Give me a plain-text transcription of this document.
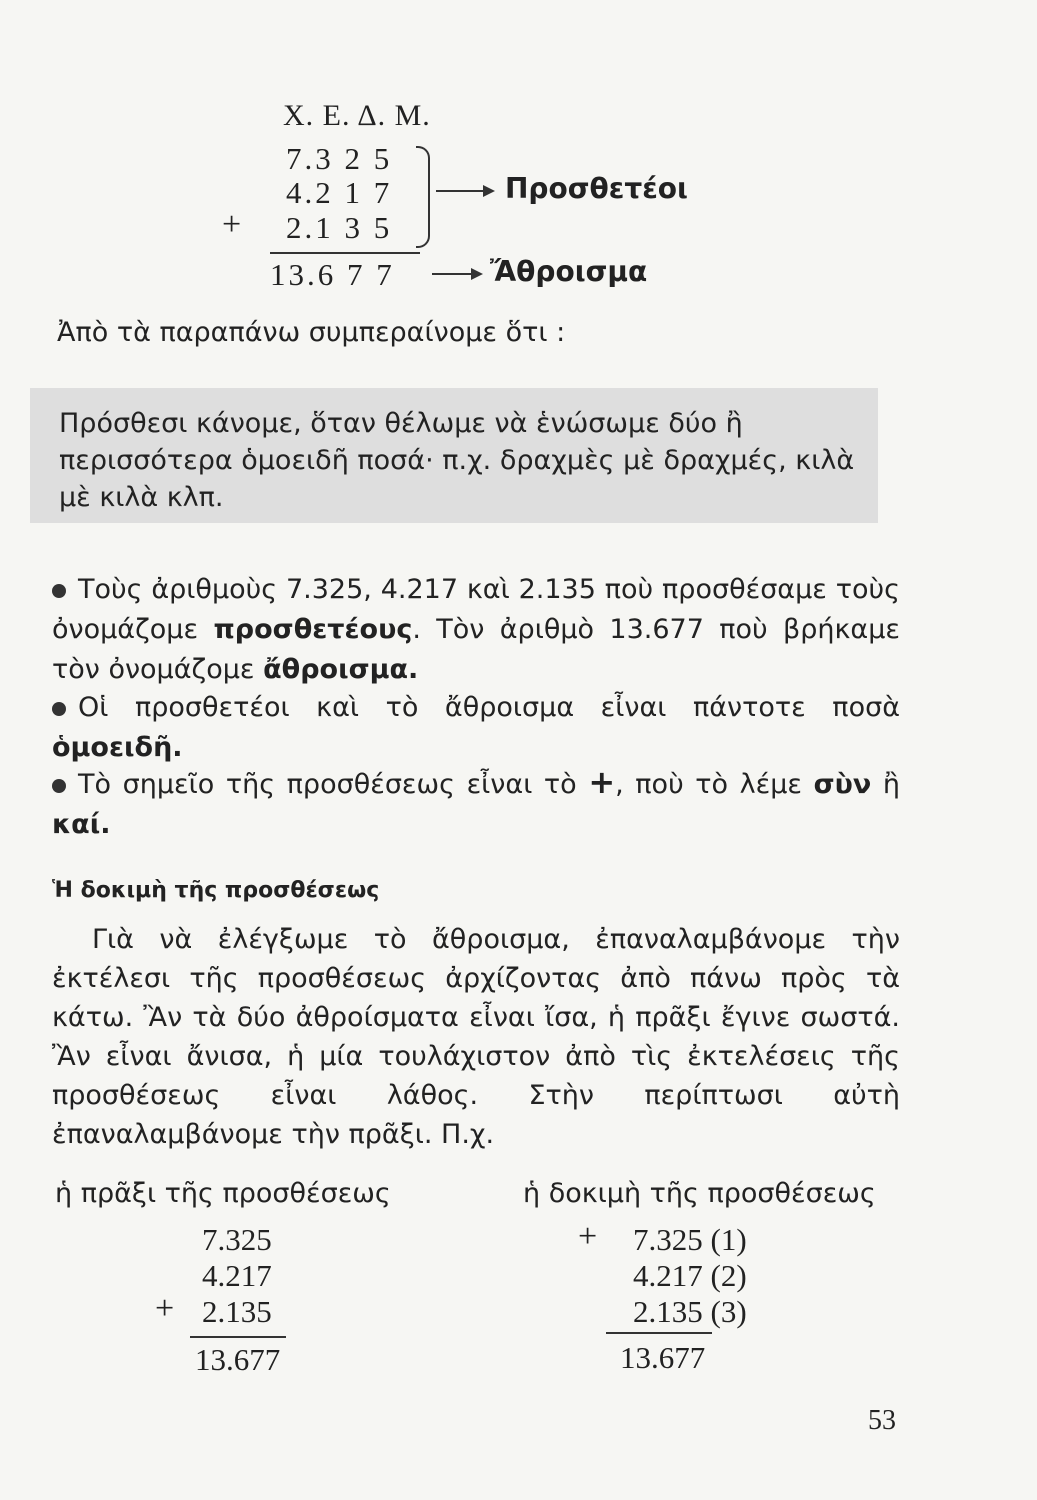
Χ. Ε. Δ. Μ.
7.3 2 5
4.2 1 7
2.1 3 5
+
13.6 7 7
Προσθετέοι
Ἄθροισμα
Ἀπὸ τὰ παραπάνω συμπεραίνομε ὅτι :

Πρόσθεσι κάνομε, ὅταν θέλωμε νὰ ἑνώσωμε δύο ἢ περισσότερα ὁμοειδῆ ποσά· π.χ. δραχμὲς μὲ δραχμές, κιλὰ μὲ κιλὰ κλπ.

Τοὺς ἀριθμοὺς 7.325, 4.217 καὶ 2.135 ποὺ προσθέσαμε τοὺς ὀνομάζομε προσθετέους. Τὸν ἀριθμὸ 13.677 ποὺ βρήκαμε τὸν ὀνομάζομε ἄθροισμα.
Οἱ προσθετέοι καὶ τὸ ἄθροισμα εἶναι πάντοτε ποσὰ ὁμοειδῆ.
Τὸ σημεῖο τῆς προσθέσεως εἶναι τὸ +, ποὺ τὸ λέμε σὺν ἢ καί.
Ἡ δοκιμὴ τῆς προσθέσεως
Γιὰ νὰ ἐλέγξωμε τὸ ἄθροισμα, ἐπαναλαμβάνομε τὴν ἐκτέλεσι τῆς προσθέσεως ἀρχίζοντας ἀπὸ πάνω πρὸς τὰ κάτω. Ἂν τὰ δύο ἀθροίσματα εἶναι ἴσα, ἡ πρᾶξι ἔγινε σωστά. Ἂν εἶναι ἄνισα, ἡ μία τουλάχιστον ἀπὸ τὶς ἐκτελέσεις τῆς προσθέσεως εἶναι λάθος. Στὴν περίπτωσι αὐτὴ ἐπαναλαμβάνομε τὴν πρᾶξι. Π.χ.
ἡ πρᾶξι τῆς προσθέσεως
7.325
4.217
2.135
+
13.677
ἡ δοκιμὴ τῆς προσθέσεως
+ 7.325 (1)
4.217 (2)
2.135 (3)
13.677
53
